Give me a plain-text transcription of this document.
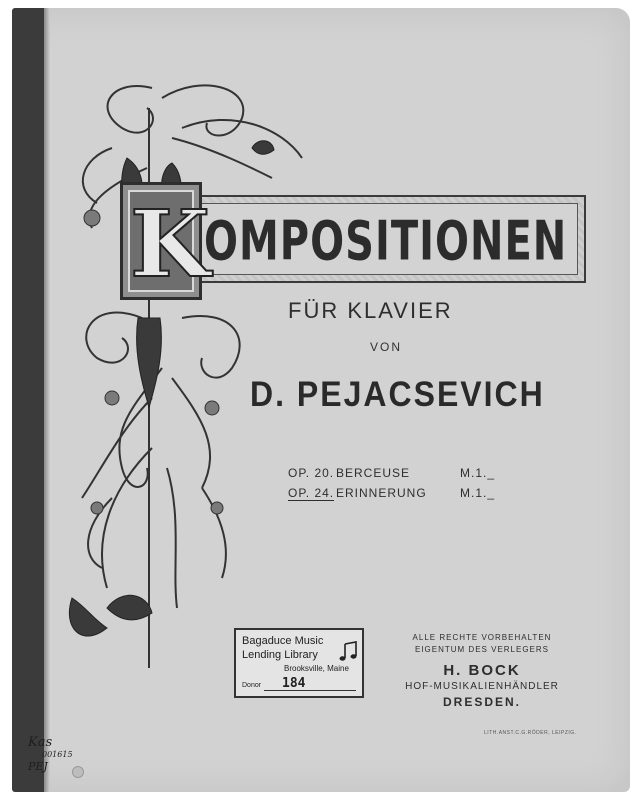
OMPOSITIONEN
K
FÜR KLAVIER
VON
D. PEJACSEVICH
OP. 20. BERCEUSE	M.1._
OP. 24. ERINNERUNG	M.1._
Bagaduce Music
Lending Library
Brooksville, Maine
Donor 184
ALLE RECHTE VORBEHALTEN
EIGENTUM DES VERLEGERS
H. BOCK
HOF-MUSIKALIENHÄNDLER
DRESDEN.
LITH.ANST.C.G.RÖDER, LEIPZIG.
Kas
001615
PEJ
